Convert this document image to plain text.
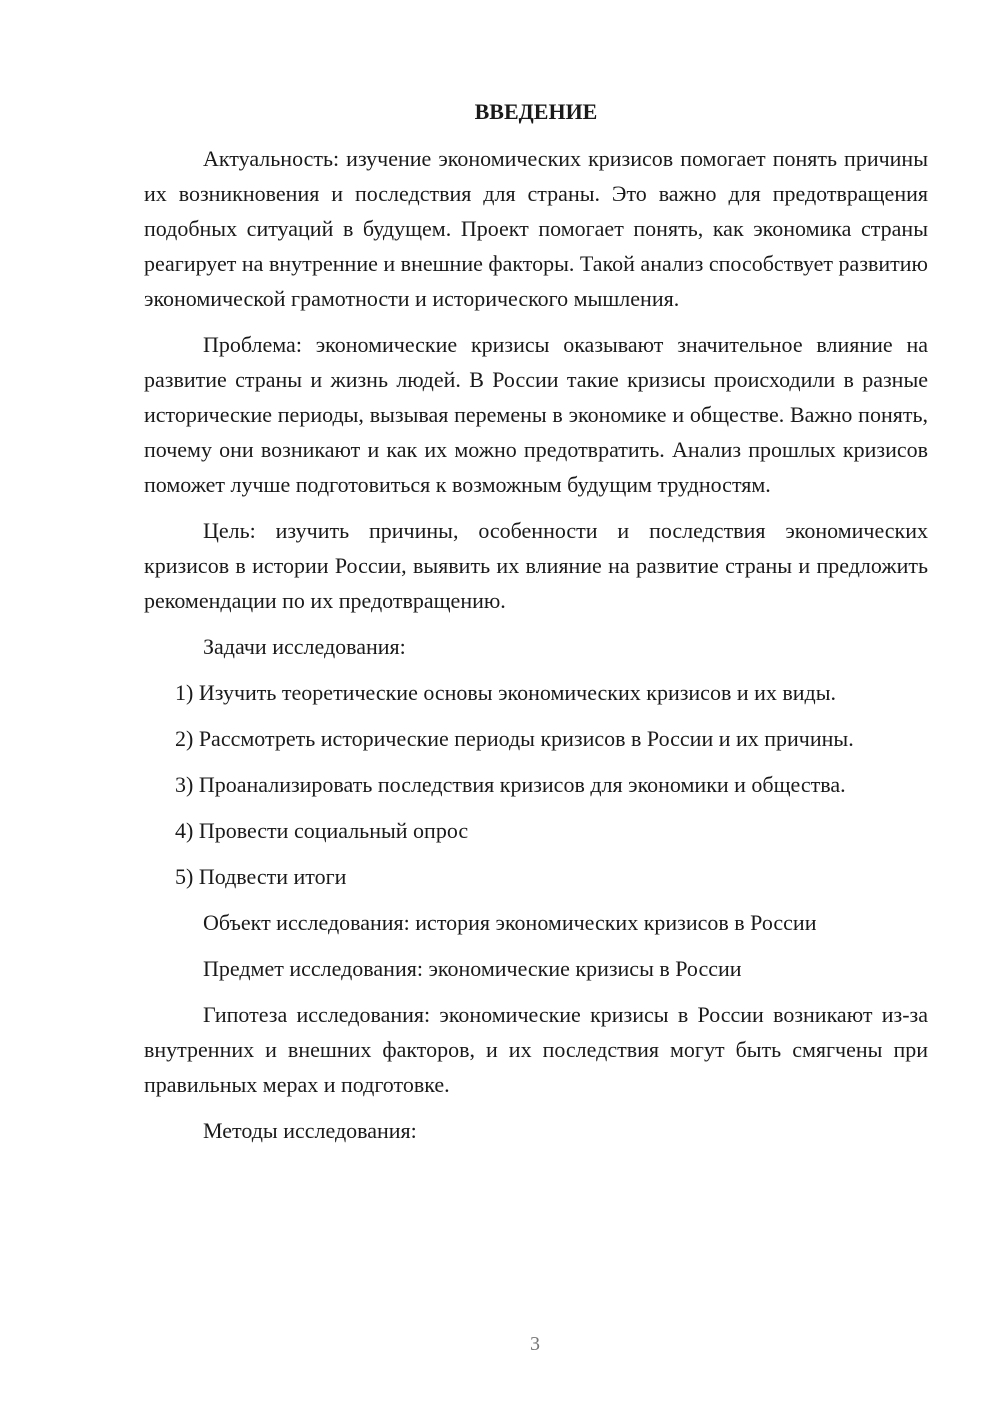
ВВЕДЕНИЕ

Актуальность: изучение экономических кризисов помогает понять причины их возникновения и последствия для страны. Это важно для предотвращения подобных ситуаций в будущем. Проект помогает понять, как экономика страны реагирует на внутренние и внешние факторы. Такой анализ способствует развитию экономической грамотности и исторического мышления.

Проблема: экономические кризисы оказывают значительное влияние на развитие страны и жизнь людей. В России такие кризисы происходили в разные исторические периоды, вызывая перемены в экономике и обществе. Важно понять, почему они возникают и как их можно предотвратить. Анализ прошлых кризисов поможет лучше подготовиться к возможным будущим трудностям.

Цель: изучить причины, особенности и последствия экономических кризисов в истории России, выявить их влияние на развитие страны и предложить рекомендации по их предотвращению.

Задачи исследования:

1) Изучить теоретические основы экономических кризисов и их виды.

2) Рассмотреть исторические периоды кризисов в России и их причины.

3) Проанализировать последствия кризисов для экономики и общества.

4) Провести социальный опрос

5) Подвести итоги

Объект исследования: история экономических кризисов в России

Предмет исследования: экономические кризисы в России

Гипотеза исследования: экономические кризисы в России возникают из-за внутренних и внешних факторов, и их последствия могут быть смягчены при правильных мерах и подготовке.

Методы исследования:

3
